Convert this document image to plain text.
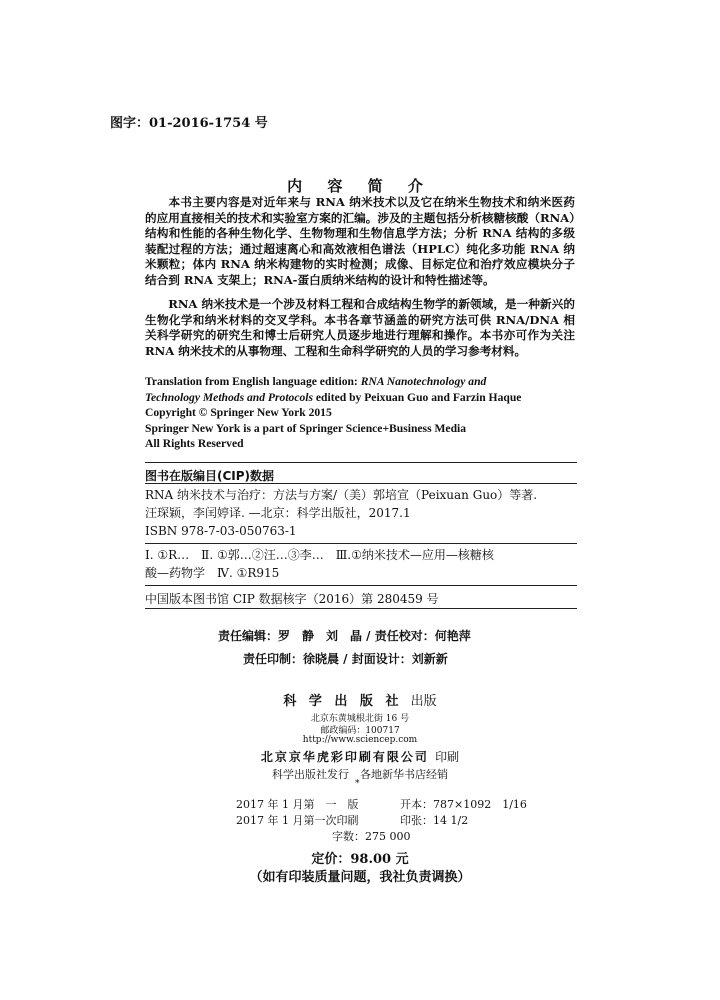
图字：01-2016-1754 号
内 容 简 介
本书主要内容是对近年来与 RNA 纳米技术以及它在纳米生物技术和纳米医药的应用直接相关的技术和实验室方案的汇编。涉及的主题包括分析核糖核酸（RNA）结构和性能的各种生物化学、生物物理和生物信息学方法；分析 RNA 结构的多级装配过程的方法；通过超速离心和高效液相色谱法（HPLC）纯化多功能 RNA 纳米颗粒；体内 RNA 纳米构建物的实时检测；成像、目标定位和治疗效应模块分子结合到 RNA 支架上；RNA-蛋白质纳米结构的设计和特性描述等。
RNA 纳米技术是一个涉及材料工程和合成结构生物学的新领域，是一种新兴的生物化学和纳米材料的交叉学科。本书各章节涵盖的研究方法可供 RNA/DNA 相关科学研究的研究生和博士后研究人员逐步地进行理解和操作。本书亦可作为关注 RNA 纳米技术的从事物理、工程和生命科学研究的人员的学习参考材料。
Translation from English language edition: RNA Nanotechnology and
Technology Methods and Protocols edited by Peixuan Guo and Farzin Haque
Copyright © Springer New York 2015
Springer New York is a part of Springer Science+Business Media
All Rights Reserved
图书在版编目(CIP)数据
RNA 纳米技术与治疗：方法与方案/（美）郭培宣（Peixuan Guo）等著.
汪琛颖，李闰婷译. —北京：科学出版社，2017.1
ISBN 978-7-03-050763-1
Ⅰ. ①R…　Ⅱ. ①郭…②汪…③李…　Ⅲ.①纳米技术—应用—核糖核
酸—药物学　Ⅳ. ①R915
中国版本图书馆 CIP 数据核字（2016）第 280459 号
责任编辑：罗　静　刘　晶 / 责任校对：何艳萍
责任印制：徐晓晨 / 封面设计：刘新新
科 学 出 版 社 出版
北京东黄城根北街 16 号
邮政编码：100717
http://www.sciencep.com
北京京华虎彩印刷有限公司 印刷
科学出版社发行　各地新华书店经销
*
2017 年 1 月第　一　版	开本：787×1092　1/16
2017 年 1 月第一次印刷	印张：14 1/2
字数：275 000
定价：98.00 元
（如有印装质量问题，我社负责调换）
